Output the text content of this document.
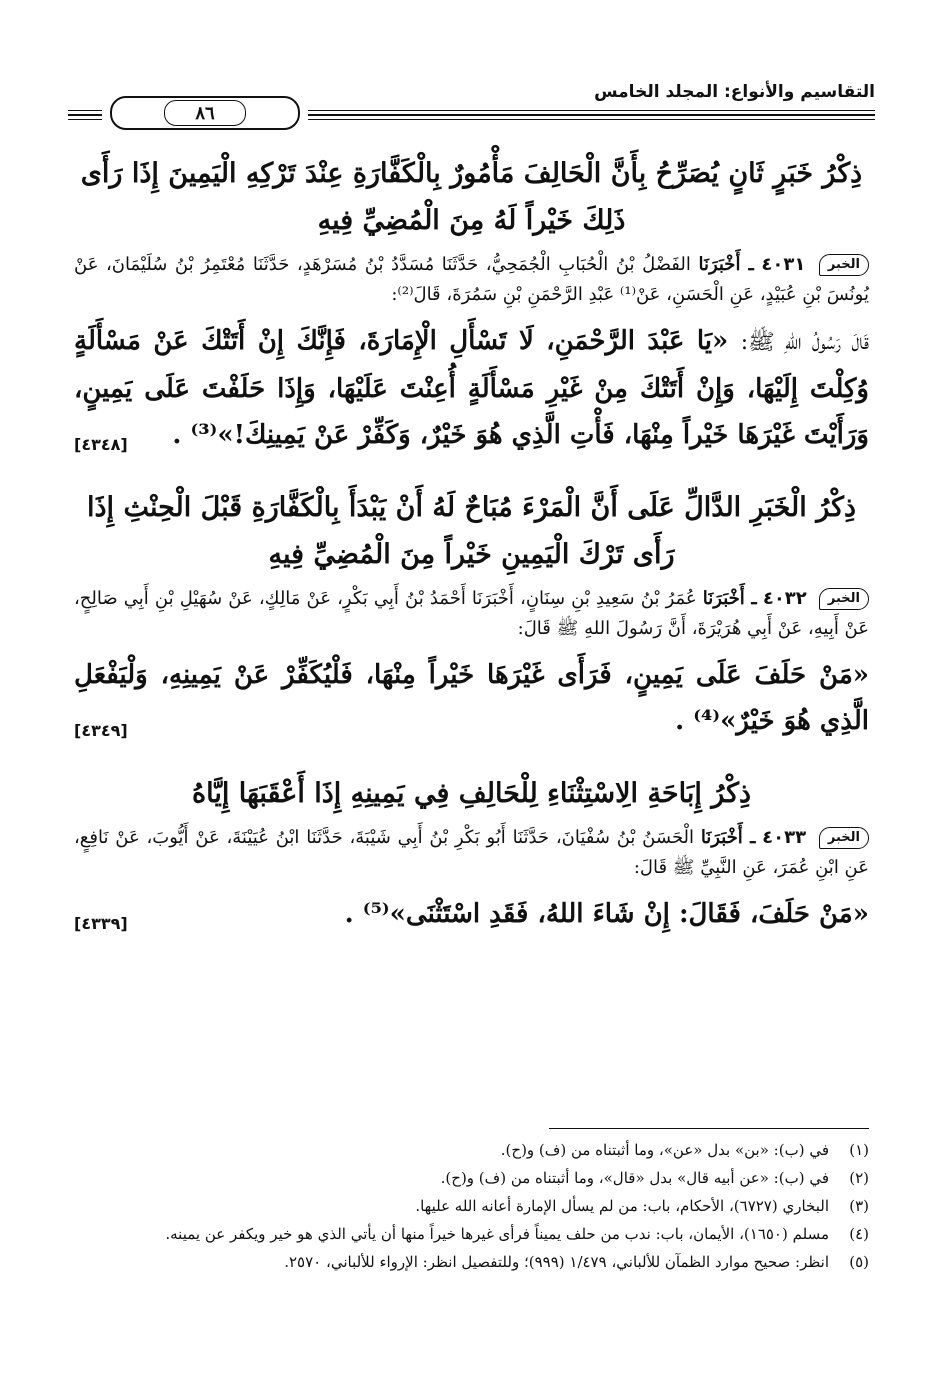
التقاسيم والأنواع: المجلد الخامس
٨٦
ذِكْرُ خَبَرٍ ثَانٍ يُصَرِّحُ بِأَنَّ الْحَالِفَ مَأْمُورٌ بِالْكَفَّارَةِ عِنْدَ تَرْكِهِ الْيَمِينَ إِذَا رَأَى ذَلِكَ خَيْراً لَهُ مِنَ الْمُضِيِّ فِيهِ

الخبر ٤٠٣١ ـ أَخْبَرَنَا الفَضْلُ بْنُ الْحُبَابِ الْجُمَحِيُّ، حَدَّثَنَا مُسَدَّدُ بْنُ مُسَرْهَدٍ، حَدَّثَنَا مُعْتَمِرُ بْنُ سُلَيْمَانَ، عَنْ يُونُسَ بْنِ عُبَيْدٍ، عَنِ الْحَسَنِ، عَنْ⁽¹⁾ عَبْدِ الرَّحْمَنِ بْنِ سَمُرَةَ، قَالَ⁽²⁾:

قَالَ رَسُولُ اللهِ ﷺ: «يَا عَبْدَ الرَّحْمَنِ، لَا تَسْأَلِ الْإِمَارَةَ، فَإِنَّكَ إِنْ أَتَتْكَ عَنْ مَسْأَلَةٍ وُكِلْتَ إِلَيْهَا، وَإِنْ أَتَتْكَ مِنْ غَيْرِ مَسْأَلَةٍ أُعِنْتَ عَلَيْهَا، وَإِذَا حَلَفْتَ عَلَى يَمِينٍ، وَرَأَيْتَ غَيْرَهَا خَيْراً مِنْهَا، فَأْتِ الَّذِي هُوَ خَيْرٌ، وَكَفِّرْ عَنْ يَمِينِكَ!»⁽³⁾ .
[٤٣٤٨]

ذِكْرُ الْخَبَرِ الدَّالِّ عَلَى أَنَّ الْمَرْءَ مُبَاحٌ لَهُ أَنْ يَبْدَأَ بِالْكَفَّارَةِ قَبْلَ الْحِنْثِ إِذَا رَأَى تَرْكَ الْيَمِينِ خَيْراً مِنَ الْمُضِيِّ فِيهِ

الخبر ٤٠٣٢ ـ أَخْبَرَنَا عُمَرُ بْنُ سَعِيدِ بْنِ سِنَانٍ، أَخْبَرَنَا أَحْمَدُ بْنُ أَبِي بَكْرٍ، عَنْ مَالِكٍ، عَنْ سُهَيْلِ بْنِ أَبِي صَالِحٍ، عَنْ أَبِيهِ، عَنْ أَبِي هُرَيْرَةَ، أَنَّ رَسُولَ اللهِ ﷺ قَالَ:

«مَنْ حَلَفَ عَلَى يَمِينٍ، فَرَأَى غَيْرَهَا خَيْراً مِنْهَا، فَلْيُكَفِّرْ عَنْ يَمِينِهِ، وَلْيَفْعَلِ الَّذِي هُوَ خَيْرٌ»⁽⁴⁾ .
[٤٣٤٩]

ذِكْرُ إِبَاحَةِ الِاسْتِثْنَاءِ لِلْحَالِفِ فِي يَمِينِهِ إِذَا أَعْقَبَهَا إِيَّاهُ

الخبر ٤٠٣٣ ـ أَخْبَرَنَا الْحَسَنُ بْنُ سُفْيَانَ، حَدَّثَنَا أَبُو بَكْرِ بْنُ أَبِي شَيْبَةَ، حَدَّثَنَا ابْنُ عُيَيْنَةَ، عَنْ أَيُّوبَ، عَنْ نَافِعٍ، عَنِ ابْنِ عُمَرَ، عَنِ النَّبِيِّ ﷺ قَالَ:

«مَنْ حَلَفَ، فَقَالَ: إِنْ شَاءَ اللهُ، فَقَدِ اسْتَثْنَى»⁽⁵⁾ .
[٤٣٣٩]

(١)
في (ب): «بن» بدل «عن»، وما أثبتناه من (ف) و(ح).
(٢)
في (ب): «عن أبيه قال» بدل «قال»، وما أثبتناه من (ف) و(ح).
(٣)
البخاري (٦٧٢٧)، الأحكام، باب: من لم يسأل الإمارة أعانه الله عليها.
(٤)
مسلم (١٦٥٠)، الأيمان، باب: ندب من حلف يميناً فرأى غيرها خيراً منها أن يأتي الذي هو خير ويكفر عن يمينه.
(٥)
انظر: صحيح موارد الظمآن للألباني، ١/٤٧٩ (٩٩٩)؛ وللتفصيل انظر: الإرواء للألباني، ٢٥٧٠.
